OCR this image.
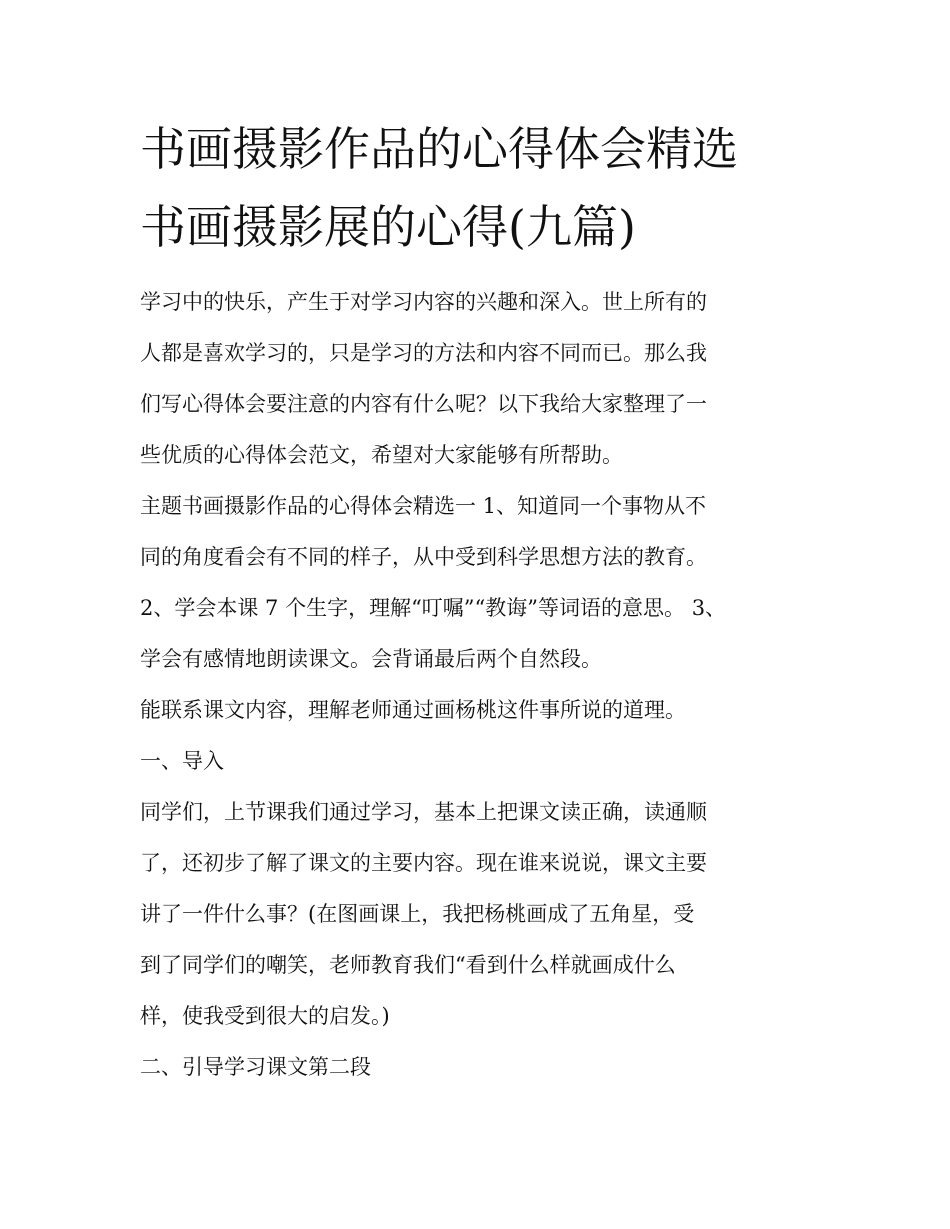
书画摄影作品的心得体会精选
书画摄影展的心得(九篇)

学习中的快乐，产生于对学习内容的兴趣和深入。世上所有的

人都是喜欢学习的，只是学习的方法和内容不同而已。那么我

们写心得体会要注意的内容有什么呢？以下我给大家整理了一

些优质的心得体会范文，希望对大家能够有所帮助。

主题书画摄影作品的心得体会精选一 1、知道同一个事物从不

同的角度看会有不同的样子，从中受到科学思想方法的教育。

2、学会本课 7 个生字，理解“叮嘱”“教诲”等词语的意思。 3、

学会有感情地朗读课文。会背诵最后两个自然段。

能联系课文内容，理解老师通过画杨桃这件事所说的道理。

一、导入

同学们，上节课我们通过学习，基本上把课文读正确，读通顺

了，还初步了解了课文的主要内容。现在谁来说说，课文主要

讲了一件什么事？(在图画课上，我把杨桃画成了五角星，受

到了同学们的嘲笑，老师教育我们“看到什么样就画成什么

样，使我受到很大的启发。)

二、引导学习课文第二段
